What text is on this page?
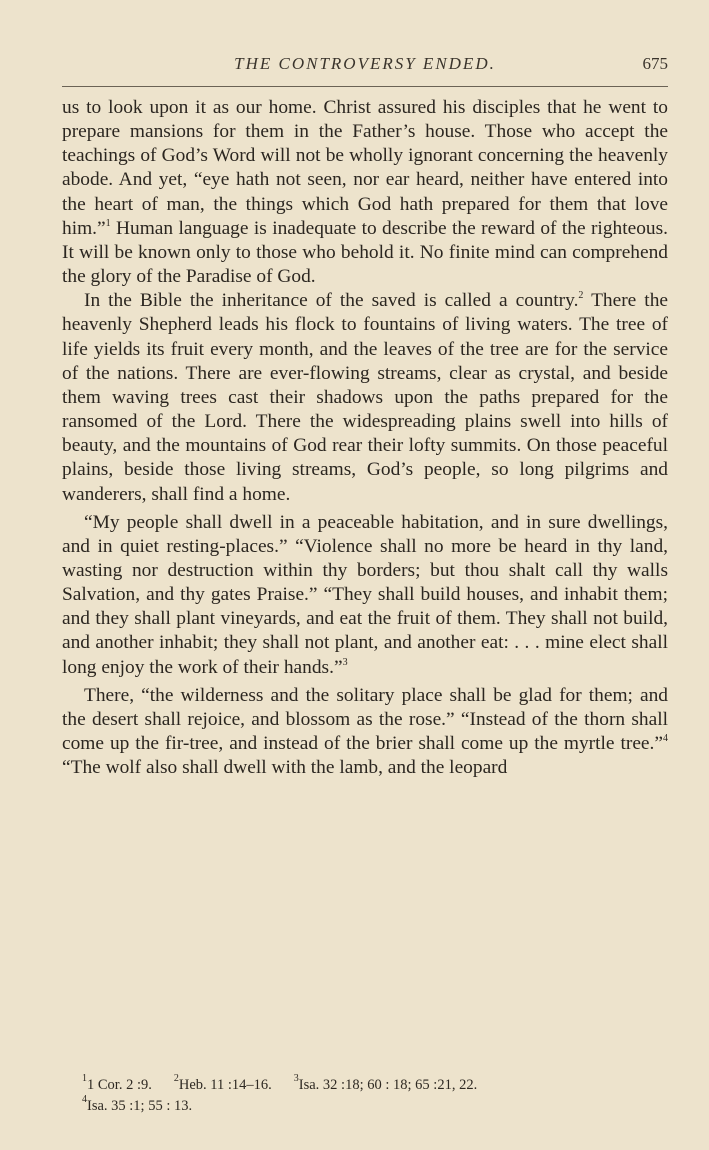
THE CONTROVERSY ENDED.	675

us to look upon it as our home. Christ assured his disciples that he went to prepare mansions for them in the Father’s house. Those who accept the teachings of God’s Word will not be wholly ignorant concerning the heavenly abode. And yet, “eye hath not seen, nor ear heard, neither have entered into the heart of man, the things which God hath prepared for them that love him.”$^1$ Human language is inadequate to describe the reward of the righteous. It will be known only to those who behold it. No finite mind can comprehend the glory of the Paradise of God.

In the Bible the inheritance of the saved is called a country.$^2$ There the heavenly Shepherd leads his flock to fountains of living waters. The tree of life yields its fruit every month, and the leaves of the tree are for the service of the nations. There are ever-flowing streams, clear as crystal, and beside them waving trees cast their shadows upon the paths prepared for the ransomed of the Lord. There the widespreading plains swell into hills of beauty, and the mountains of God rear their lofty summits. On those peaceful plains, beside those living streams, God’s people, so long pilgrims and wanderers, shall find a home.

“My people shall dwell in a peaceable habitation, and in sure dwellings, and in quiet resting-places.” “Violence shall no more be heard in thy land, wasting nor destruction within thy borders; but thou shalt call thy walls Salvation, and thy gates Praise.” “They shall build houses, and inhabit them; and they shall plant vineyards, and eat the fruit of them. They shall not build, and another inhabit; they shall not plant, and another eat: . . . mine elect shall long enjoy the work of their hands.”$^3$

There, “the wilderness and the solitary place shall be glad for them; and the desert shall rejoice, and blossom as the rose.” “Instead of the thorn shall come up the fir-tree, and instead of the brier shall come up the myrtle tree.”$^4$ “The wolf also shall dwell with the lamb, and the leopard

$^1$1 Cor. 2 :9. $^2$Heb. 11 :14–16. $^3$Isa. 32 :18; 60 : 18; 65 :21, 22.
$^4$Isa. 35 :1; 55 : 13.
